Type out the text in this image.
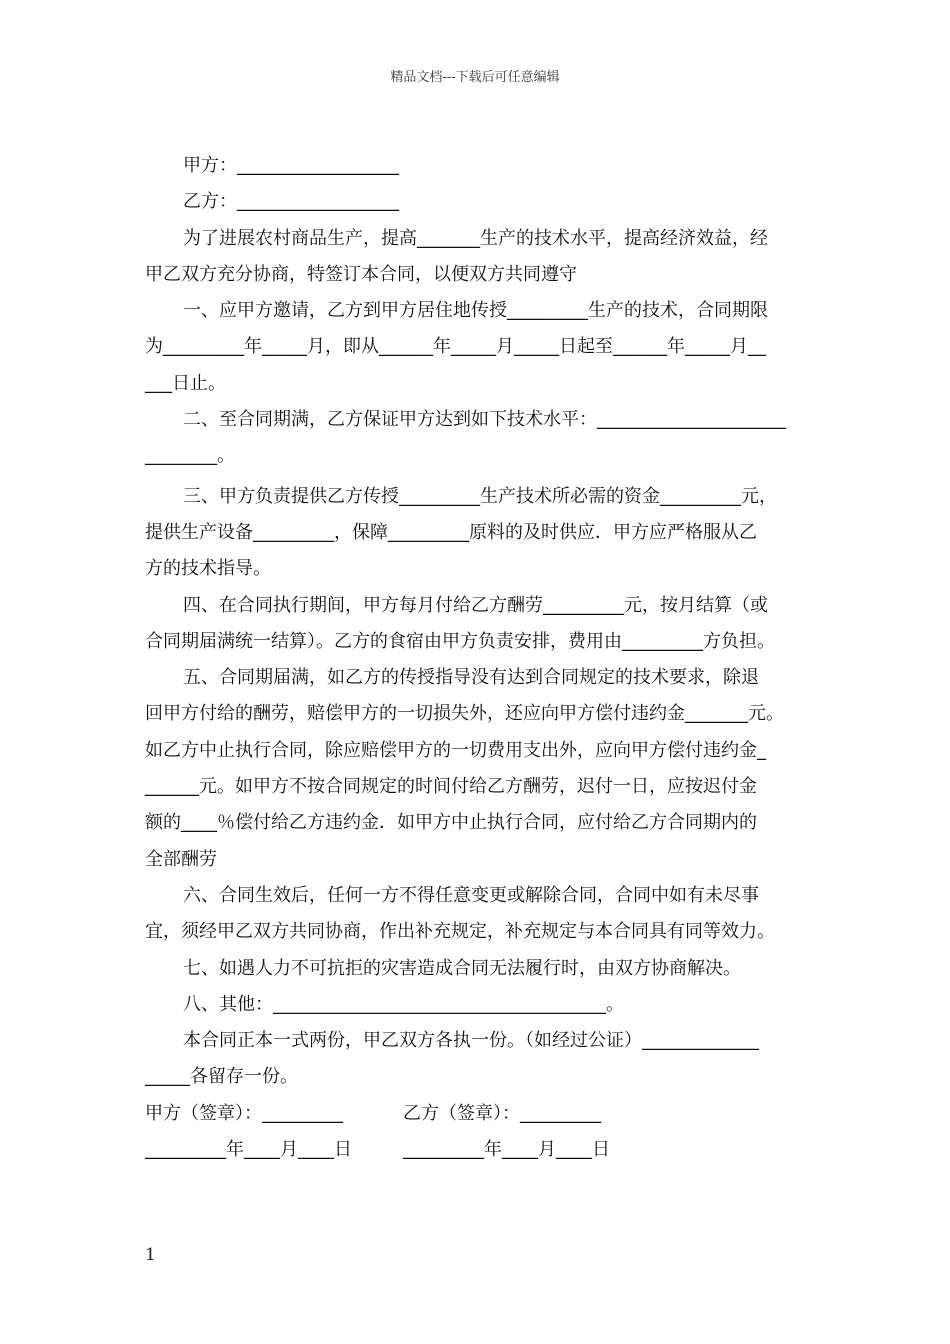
精品文档---下载后可任意编辑
甲方：__________________
乙方：__________________
为了进展农村商品生产，提高_______生产的技术水平，提高经济效益，经
甲乙双方充分协商，特签订本合同，以便双方共同遵守
一、应甲方邀请，乙方到甲方居住地传授_________生产的技术，合同期限
为_________年_____月，即从______年_____月_____日起至______年_____月__
___日止。
二、至合同期满，乙方保证甲方达到如下技术水平：_____________________
________。
三、甲方负责提供乙方传授_________生产技术所必需的资金_________元，
提供生产设备_________，保障_________原料的及时供应．甲方应严格服从乙
方的技术指导。
四、在合同执行期间，甲方每月付给乙方酬劳_________元，按月结算（或
合同期届满统一结算）。乙方的食宿由甲方负责安排，费用由_________方负担。
五、合同期届满，如乙方的传授指导没有达到合同规定的技术要求，除退
回甲方付给的酬劳，赔偿甲方的一切损失外，还应向甲方偿付违约金_______元。
如乙方中止执行合同，除应赔偿甲方的一切费用支出外，应向甲方偿付违约金_
______元。如甲方不按合同规定的时间付给乙方酬劳，迟付一日，应按迟付金
额的____％偿付给乙方违约金．如甲方中止执行合同，应付给乙方合同期内的
全部酬劳
六、合同生效后，任何一方不得任意变更或解除合同，合同中如有未尽事
宜，须经甲乙双方共同协商，作出补充规定，补充规定与本合同具有同等效力。
七、如遇人力不可抗拒的灾害造成合同无法履行时，由双方协商解决。
八、其他：_____________________________________。
本合同正本一式两份，甲乙双方各执一份。（如经过公证）_____________
_____各留存一份。
甲方（签章）：_________	乙方（签章）：_________
_________年____月____日	_________年____月____日
1
